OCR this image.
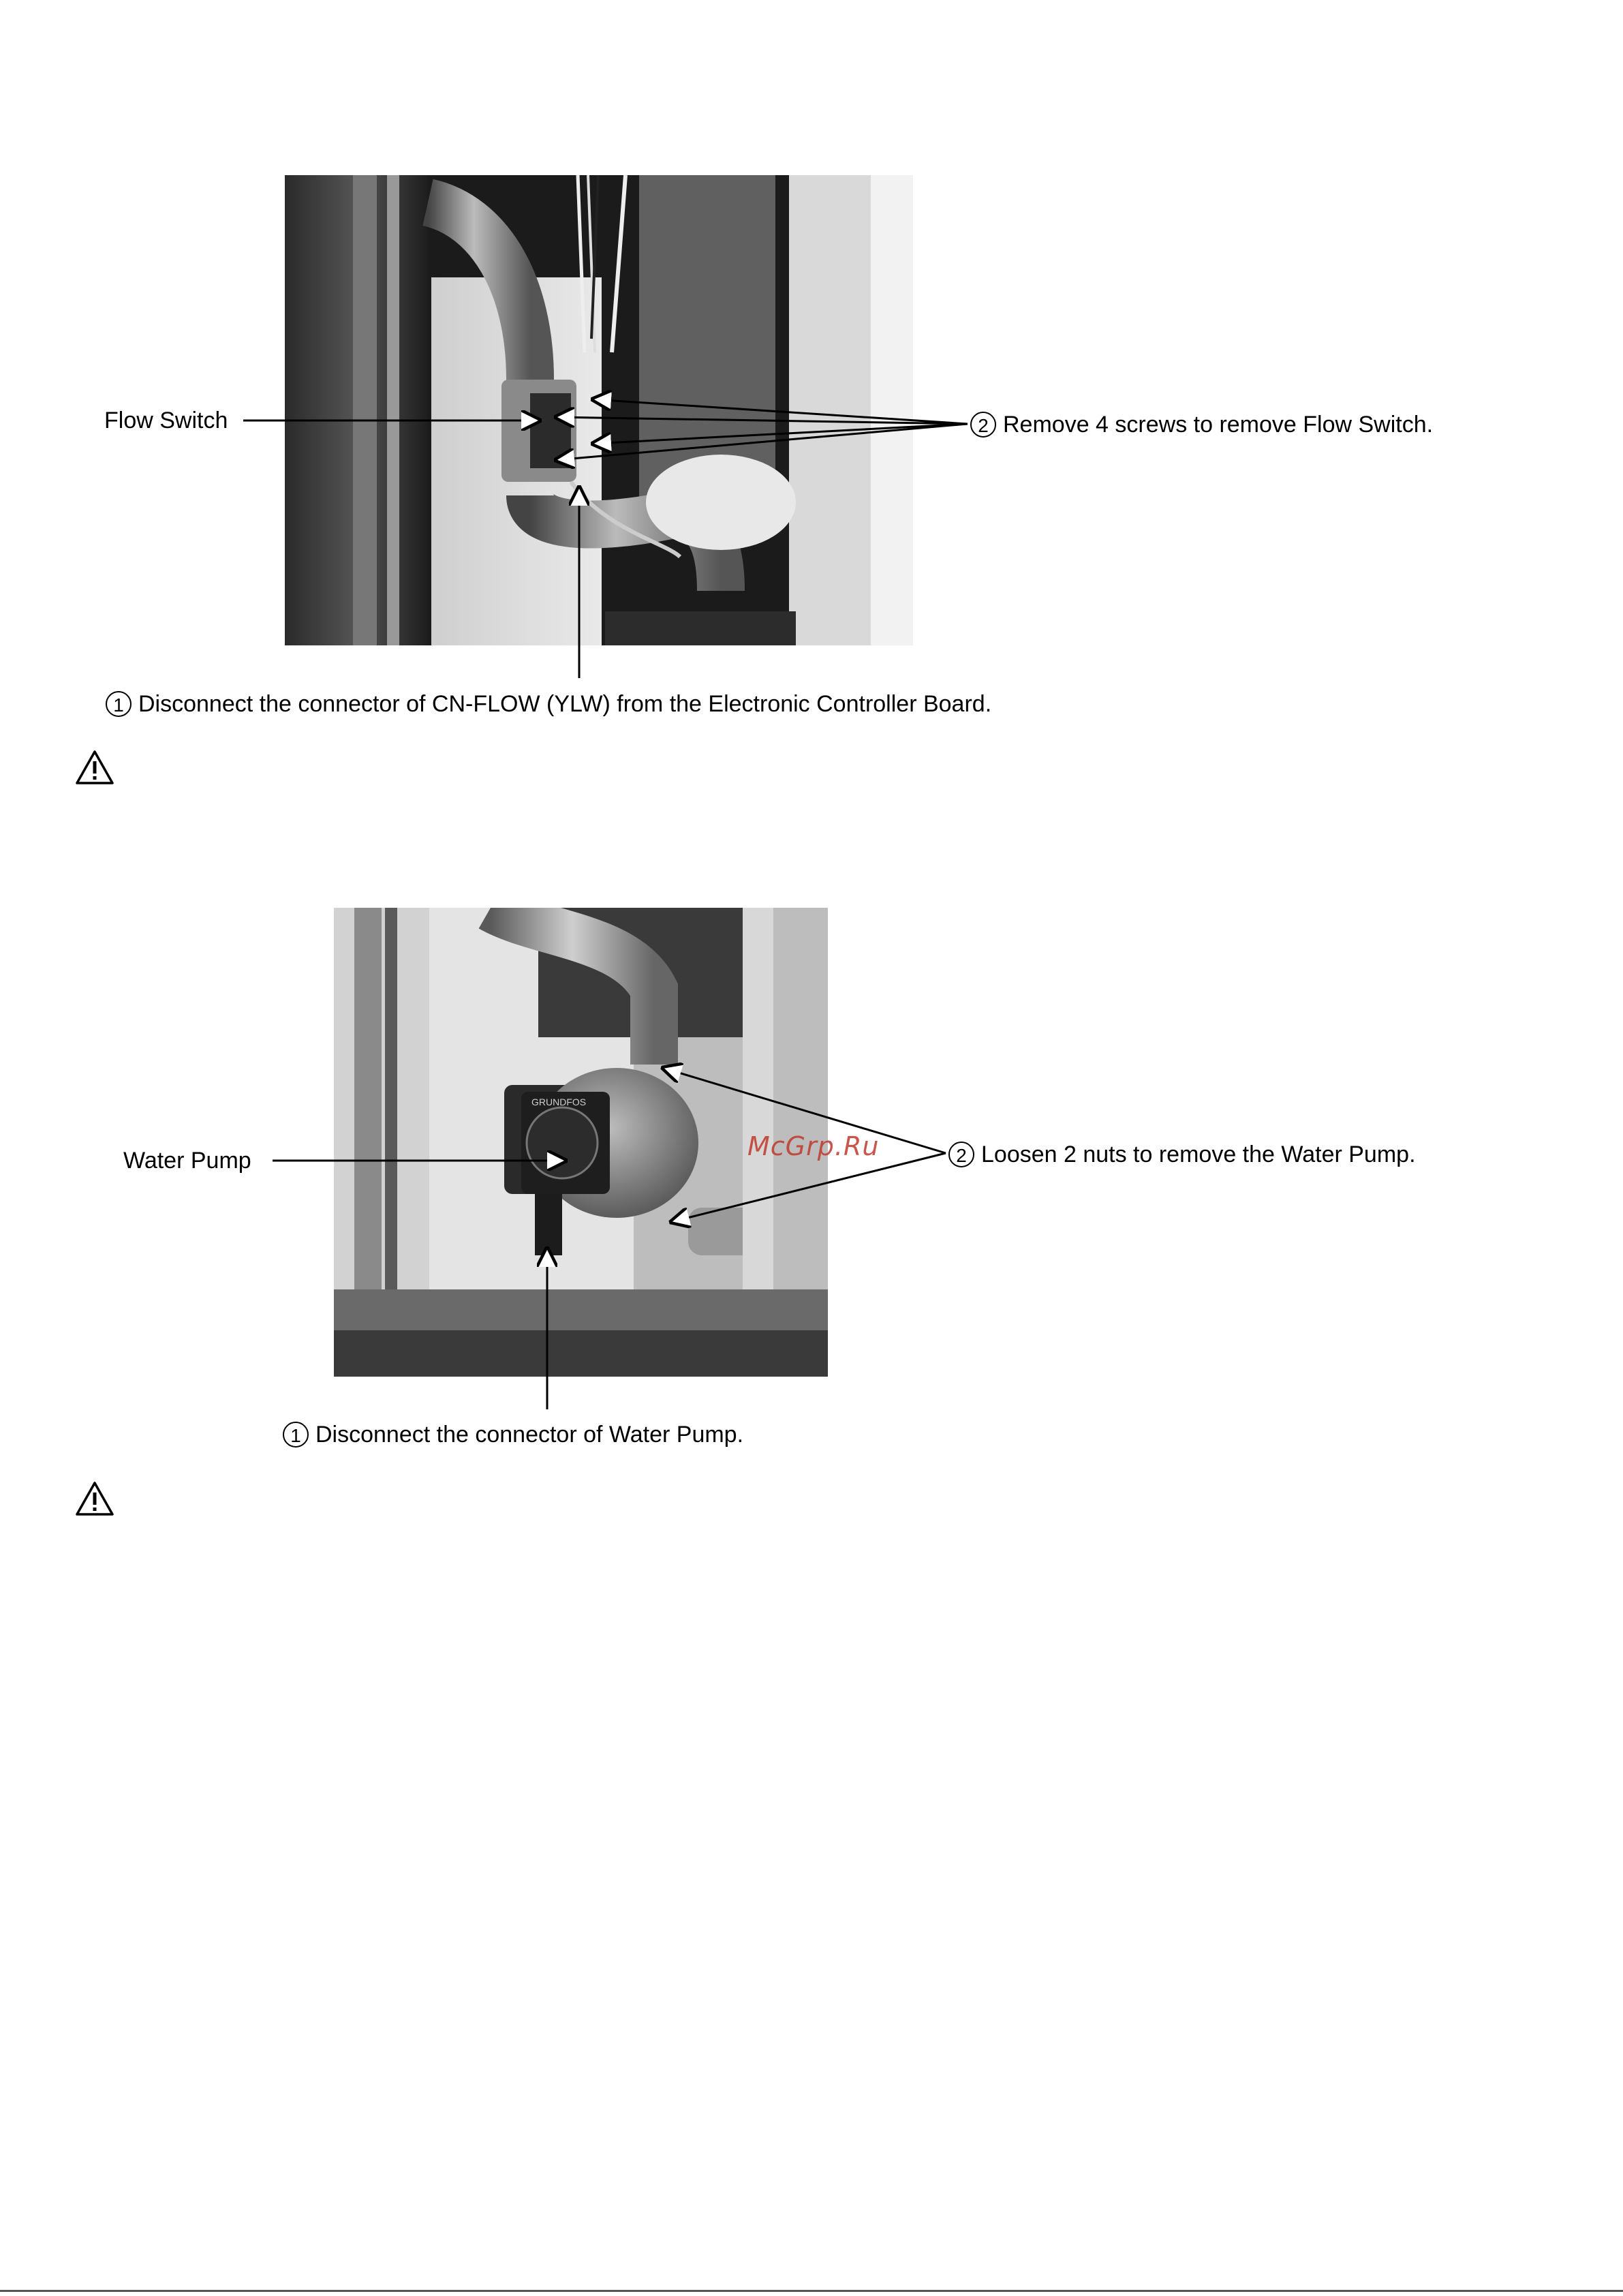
GRUNDFOS
Flow Switch	2 Remove 4 screws to remove Flow Switch.
1 Disconnect the connector of CN-FLOW (YLW) from the Electronic Controller Board.
Water Pump	2 Loosen 2 nuts to remove the Water Pump.
1 Disconnect the connector of Water Pump.
McGrp.Ru
